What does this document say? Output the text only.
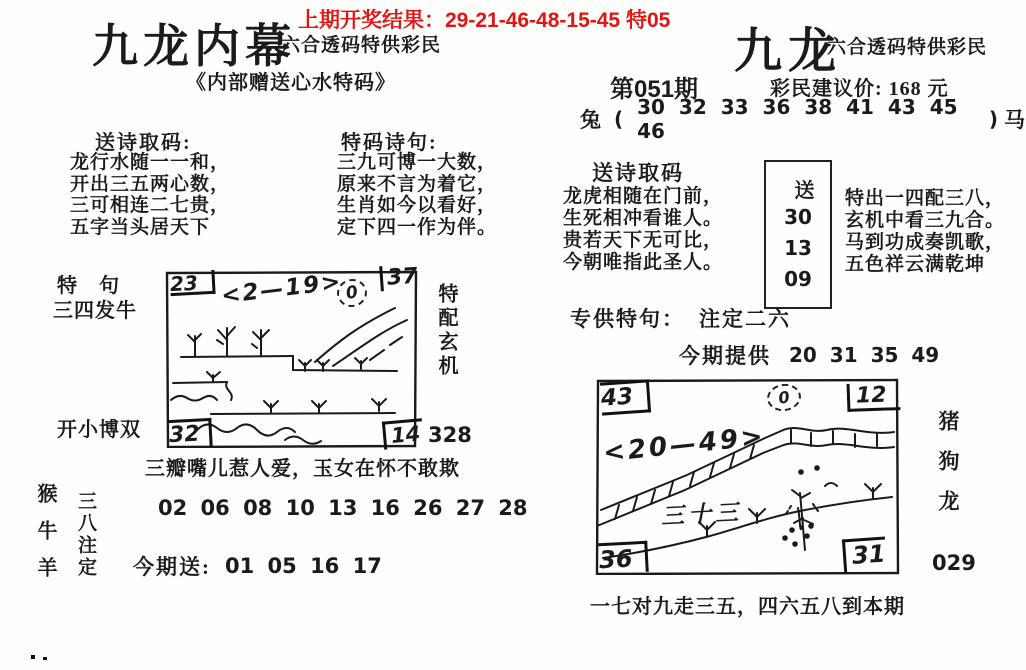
上期开奖结果：29-21-46-48-15-45 特05
九龙内幕
六合透码特供彩民
《内部赠送心水特码》
九龙
六合透码特供彩民
第051期	彩民建议价: 168 元
兔 ( 30 32 33 36 38 41 43 45 46	) 马
送诗取码:
龙行水随一一和，
开出三五两心数，
三可相连二七贵，
五字当头居天下
特码诗句:
三九可博一大数，
原来不言为着它，
生肖如今以看好，
定下四一作为伴。
送诗取码
龙虎相随在门前，
生死相冲看谁人。
贵若天下无可比，
今朝唯指此圣人。
送
30
13
09
特出一四配三八，
玄机中看三九合。
马到功成奏凯歌，
五色祥云满乾坤
专供特句： 注定二六
今期提供 20 31 35 49
特　句
三四发牛
开小博双
23 <2—19> 0
37
32	14
特配玄机
328
猴牛羊 三八注定
三瓣嘴儿惹人爱，玉女在怀不敢欺
02 06 08 10 13 16 26 27 28
今期送: 01 05 16 17
43	0	12
<20—49>
三十三
36	31
猪狗龙
029
一七对九走三五，四六五八到本期
